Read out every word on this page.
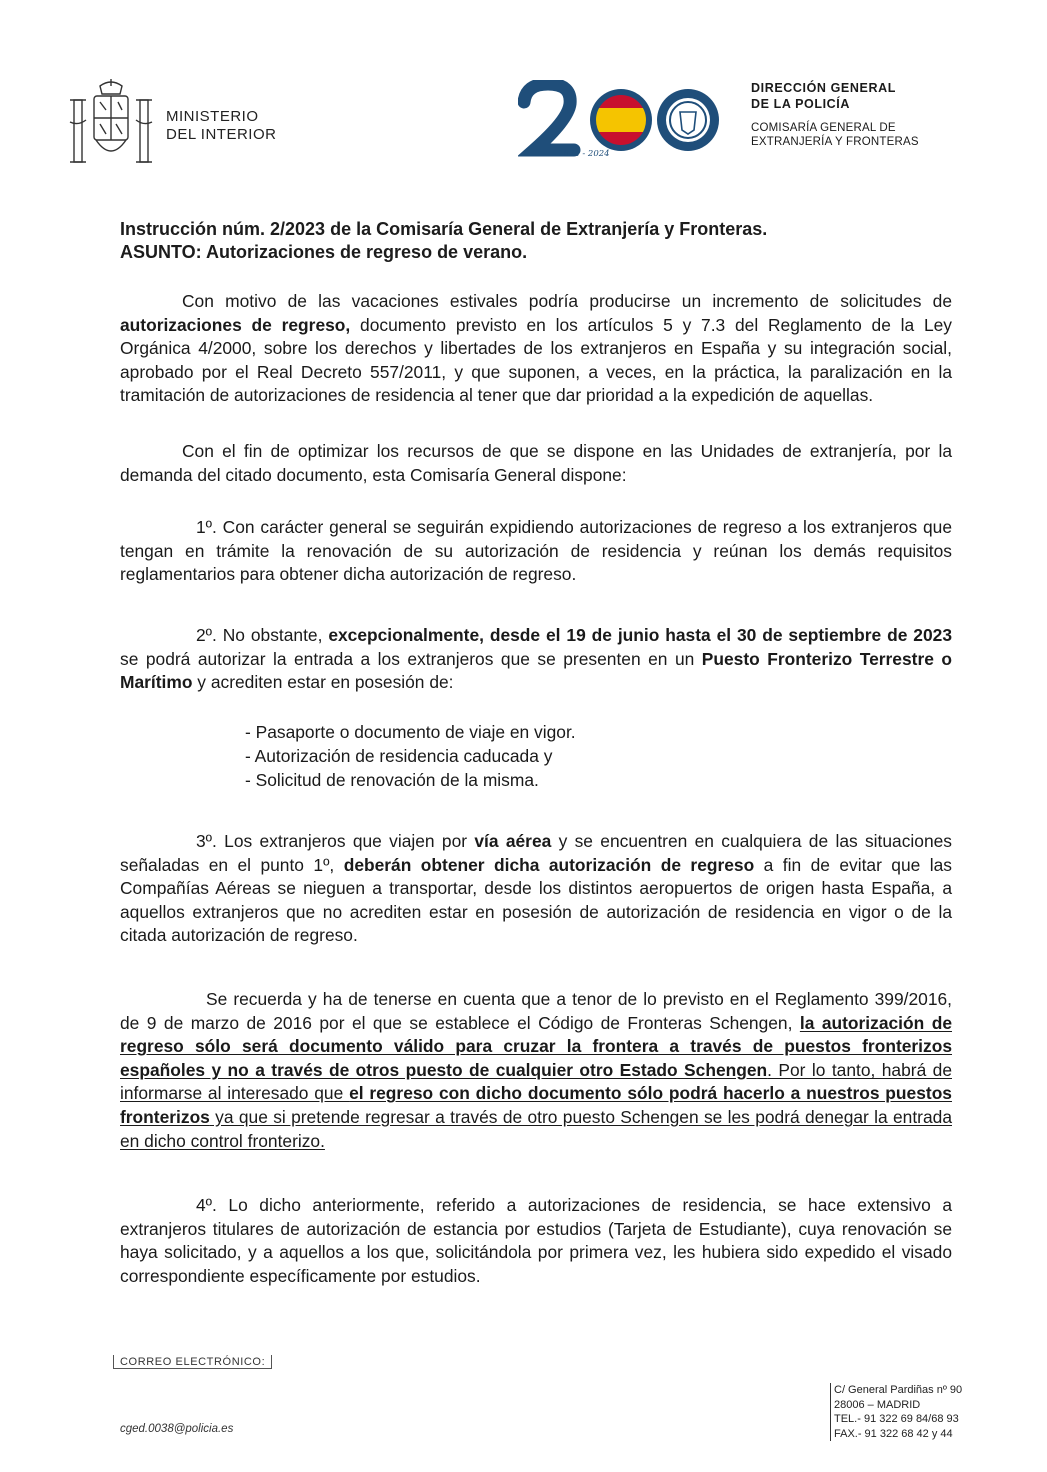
MINISTERIO
DEL INTERIOR
1824 - 2024
DIRECCIÓN GENERAL
DE LA POLICÍA
COMISARÍA GENERAL DE
EXTRANJERÍA Y FRONTERAS
Instrucción núm. 2/2023 de la Comisaría General de Extranjería y Fronteras.
ASUNTO: Autorizaciones de regreso de verano.
Con motivo de las vacaciones estivales podría producirse un incremento de solicitudes de autorizaciones de regreso, documento previsto en los artículos 5 y 7.3 del Reglamento de la Ley Orgánica 4/2000, sobre los derechos y libertades de los extranjeros en España y su integración social, aprobado por el Real Decreto 557/2011, y que suponen, a veces, en la práctica, la paralización en la tramitación de autorizaciones de residencia al tener que dar prioridad a la expedición de aquellas.
Con el fin de optimizar los recursos de que se dispone en las Unidades de extranjería, por la demanda del citado documento, esta Comisaría General dispone:
1º. Con carácter general se seguirán expidiendo autorizaciones de regreso a los extranjeros que tengan en trámite la renovación de su autorización de residencia y reúnan los demás requisitos reglamentarios para obtener dicha autorización de regreso.
2º. No obstante, excepcionalmente, desde el 19 de junio hasta el 30 de septiembre de 2023 se podrá autorizar la entrada a los extranjeros que se presenten en un Puesto Fronterizo Terrestre o Marítimo y acrediten estar en posesión de:
- Pasaporte o documento de viaje en vigor.
- Autorización de residencia caducada y
- Solicitud de renovación de la misma.
3º. Los extranjeros que viajen por vía aérea y se encuentren en cualquiera de las situaciones señaladas en el punto 1º, deberán obtener dicha autorización de regreso a fin de evitar que las Compañías Aéreas se nieguen a transportar, desde los distintos aeropuertos de origen hasta España, a aquellos extranjeros que no acrediten estar en posesión de autorización de residencia en vigor o de la citada autorización de regreso.
Se recuerda y ha de tenerse en cuenta que a tenor de lo previsto en el Reglamento 399/2016, de 9 de marzo de 2016 por el que se establece el Código de Fronteras Schengen, la autorización de regreso sólo será documento válido para cruzar la frontera a través de puestos fronterizos españoles y no a través de otros puesto de cualquier otro Estado Schengen. Por lo tanto, habrá de informarse al interesado que el regreso con dicho documento sólo podrá hacerlo a nuestros puestos fronterizos ya que si pretende regresar a través de otro puesto Schengen se les podrá denegar la entrada en dicho control fronterizo.
4º. Lo dicho anteriormente, referido a autorizaciones de residencia, se hace extensivo a extranjeros titulares de autorización de estancia por estudios (Tarjeta de Estudiante), cuya renovación se haya solicitado, y a aquellos a los que, solicitándola por primera vez, les hubiera sido expedido el visado correspondiente específicamente por estudios.
CORREO ELECTRÓNICO:
cged.0038@policia.es
C/ General Pardiñas nº 90
28006 – MADRID
TEL.- 91 322 69 84/68 93
FAX.- 91 322 68 42 y 44
